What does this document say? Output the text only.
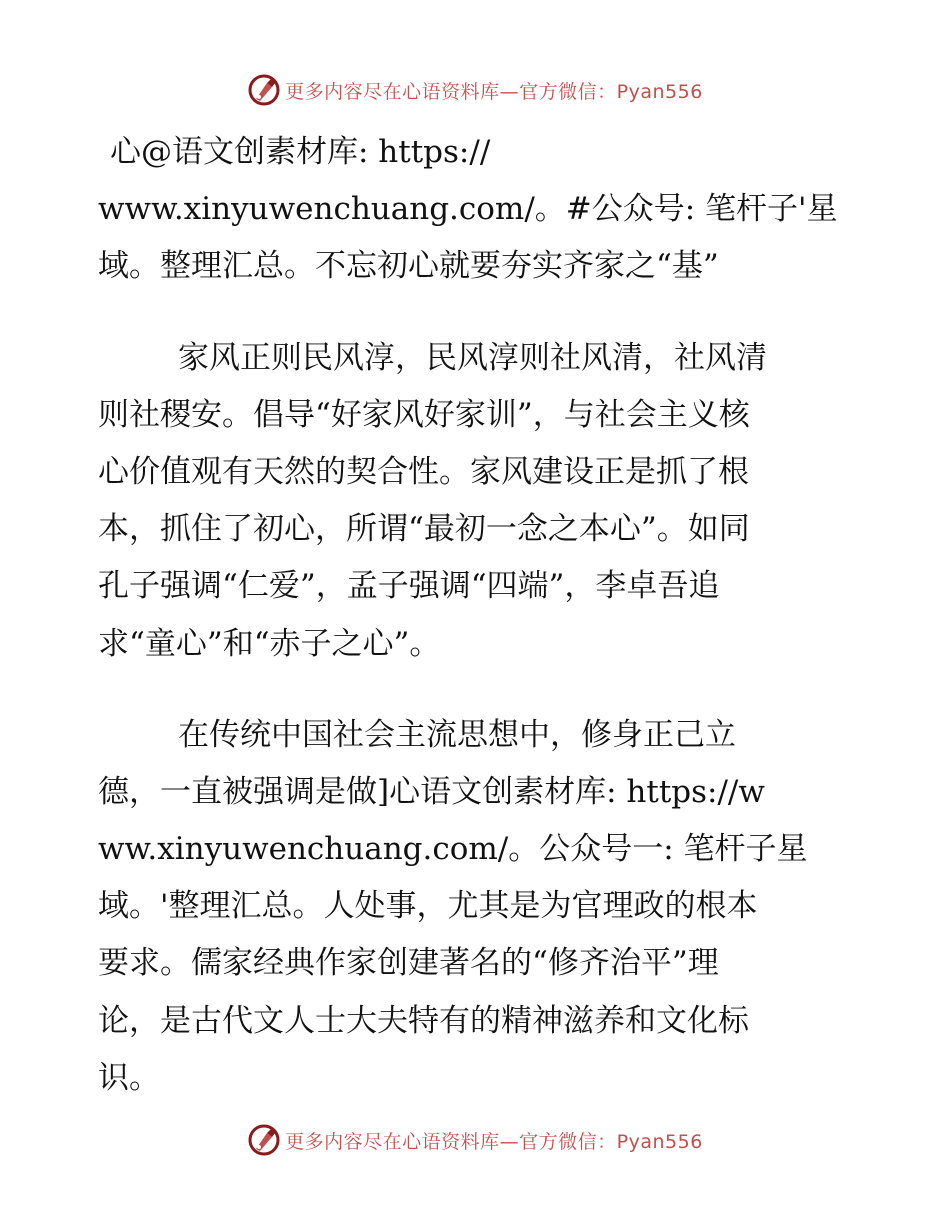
更多内容尽在心语资料库—官方微信：Pyan556
心@语文创素材库: https://
www.xinyuwenchuang.com/。#公众号: 笔杆子'星
域。整理汇总。不忘初心就要夯实齐家之“基”
家风正则民风淳，民风淳则社风清，社风清
则社稷安。倡导“好家风好家训”，与社会主义核
心价值观有天然的契合性。家风建设正是抓了根
本，抓住了初心，所谓“最初一念之本心”。如同
孔子强调“仁爱”，孟子强调“四端”，李卓吾追
求“童心”和“赤子之心”。
在传统中国社会主流思想中，修身正己立
德，一直被强调是做]心语文创素材库: https://w
ww.xinyuwenchuang.com/。公众号一: 笔杆子星
域。'整理汇总。人处事，尤其是为官理政的根本
要求。儒家经典作家创建著名的“修齐治平”理
论，是古代文人士大夫特有的精神滋养和文化标
识。
更多内容尽在心语资料库—官方微信：Pyan556
